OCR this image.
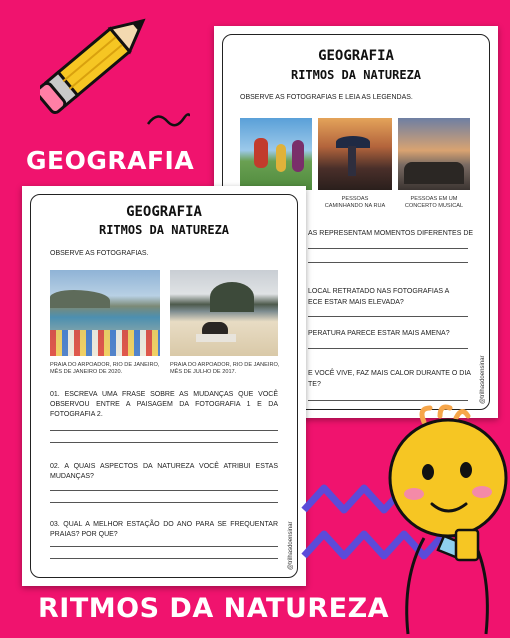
GEOGRAFIA
GEOGRAFIA
RITMOS DA NATUREZA
OBSERVE AS FOTOGRAFIAS E LEIA AS LEGENDAS.
PESSOAS CAMINHANDO NA RUA
PESSOAS EM UM CONCERTO MUSICAL
AS REPRESENTAM MOMENTOS DIFERENTES DE
LOCAL RETRATADO NAS FOTOGRAFIAS A
ECE ESTAR MAIS ELEVADA?
PERATURA PARECE ESTAR MAIS AMENA?
E VOCÊ VIVE, FAZ MAIS CALOR DURANTE O DIA
TE?	@trilhasdoensinar
GEOGRAFIA
RITMOS DA NATUREZA
OBSERVE AS FOTOGRAFIAS.
PRAIA DO ARPOADOR, RIO DE JANEIRO, MÊS DE JANEIRO DE 2020.
PRAIA DO ARPOADOR, RIO DE JANEIRO, MÊS DE JULHO DE 2017.
01. ESCREVA UMA FRASE SOBRE AS MUDANÇAS QUE VOCÊ OBSERVOU ENTRE A PAISAGEM DA FOTOGRAFIA 1 E DA FOTOGRAFIA 2.
02. A QUAIS ASPECTOS DA NATUREZA VOCÊ ATRIBUI ESTAS MUDANÇAS?
03. QUAL A MELHOR ESTAÇÃO DO ANO PARA SE FREQUENTAR PRAIAS? POR QUE?	@trilhasdoensinar
RITMOS DA NATUREZA
